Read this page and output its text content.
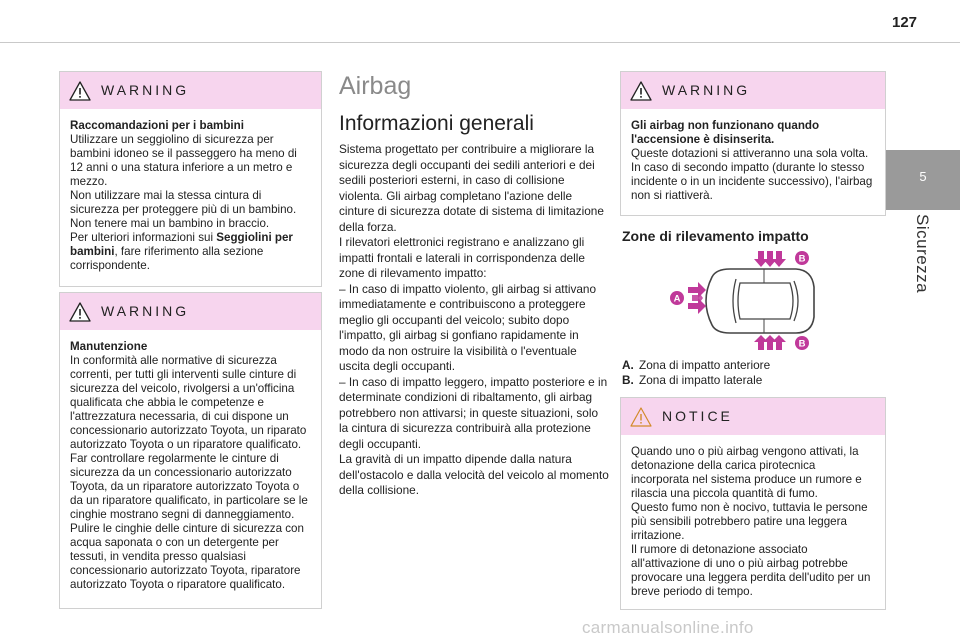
127
5
Sicurezza
WARNING

Raccomandazioni per i bambini

Utilizzare un seggiolino di sicurezza per bambini idoneo se il passeggero ha meno di 12 anni o una statura inferiore a un metro e mezzo.

Non utilizzare mai la stessa cintura di sicurezza per proteggere più di un bambino.

Non tenere mai un bambino in braccio.

Per ulteriori informazioni sui Seggiolini per bambini, fare riferimento alla sezione corrispondente.

WARNING

Manutenzione

In conformità alle normative di sicurezza correnti, per tutti gli interventi sulle cinture di sicurezza del veicolo, rivolgersi a un'officina qualificata che abbia le competenze e l'attrezzatura necessaria, di cui dispone un concessionario autorizzato Toyota, un riparato autorizzato Toyota o un riparatore qualificato.

Far controllare regolarmente le cinture di sicurezza da un concessionario autorizzato Toyota, da un riparatore autorizzato Toyota o da un riparatore qualificato, in particolare se le cinghie mostrano segni di danneggiamento.

Pulire le cinghie delle cinture di sicurezza con acqua saponata o con un detergente per tessuti, in vendita presso qualsiasi concessionario autorizzato Toyota, riparatore autorizzato Toyota o riparatore qualificato.

Airbag
Informazioni generali

Sistema progettato per contribuire a migliorare la sicurezza degli occupanti dei sedili anteriori e dei sedili posteriori esterni, in caso di collisione violenta. Gli airbag completano l'azione delle cinture di sicurezza dotate di sistema di limitazione della forza.

I rilevatori elettronici registrano e analizzano gli impatti frontali e laterali in corrispondenza delle zone di rilevamento impatto:

– In caso di impatto violento, gli airbag si attivano immediatamente e contribuiscono a proteggere meglio gli occupanti del veicolo; subito dopo l'impatto, gli airbag si gonfiano rapidamente in modo da non ostruire la visibilità o l'eventuale uscita degli occupanti.

– In caso di impatto leggero, impatto posteriore e in determinate condizioni di ribaltamento, gli airbag potrebbero non attivarsi; in queste situazioni, solo la cintura di sicurezza contribuirà alla protezione degli occupanti.

La gravità di un impatto dipende dalla natura dell'ostacolo e dalla velocità del veicolo al momento della collisione.

WARNING

Gli airbag non funzionano quando l'accensione è disinserita.

Queste dotazioni si attiveranno una sola volta. In caso di secondo impatto (durante lo stesso incidente o in un incidente successivo), l'airbag non si riattiverà.

Zone di rilevamento impatto
A
B
B
A. Zona di impatto anteriore
B. Zona di impatto laterale
NOTICE

Quando uno o più airbag vengono attivati, la detonazione della carica pirotecnica incorporata nel sistema produce un rumore e rilascia una piccola quantità di fumo.

Questo fumo non è nocivo, tuttavia le persone più sensibili potrebbero patire una leggera irritazione.

Il rumore di detonazione associato all'attivazione di uno o più airbag potrebbe provocare una leggera perdita dell'udito per un breve periodo di tempo.

carmanualsonline.info
